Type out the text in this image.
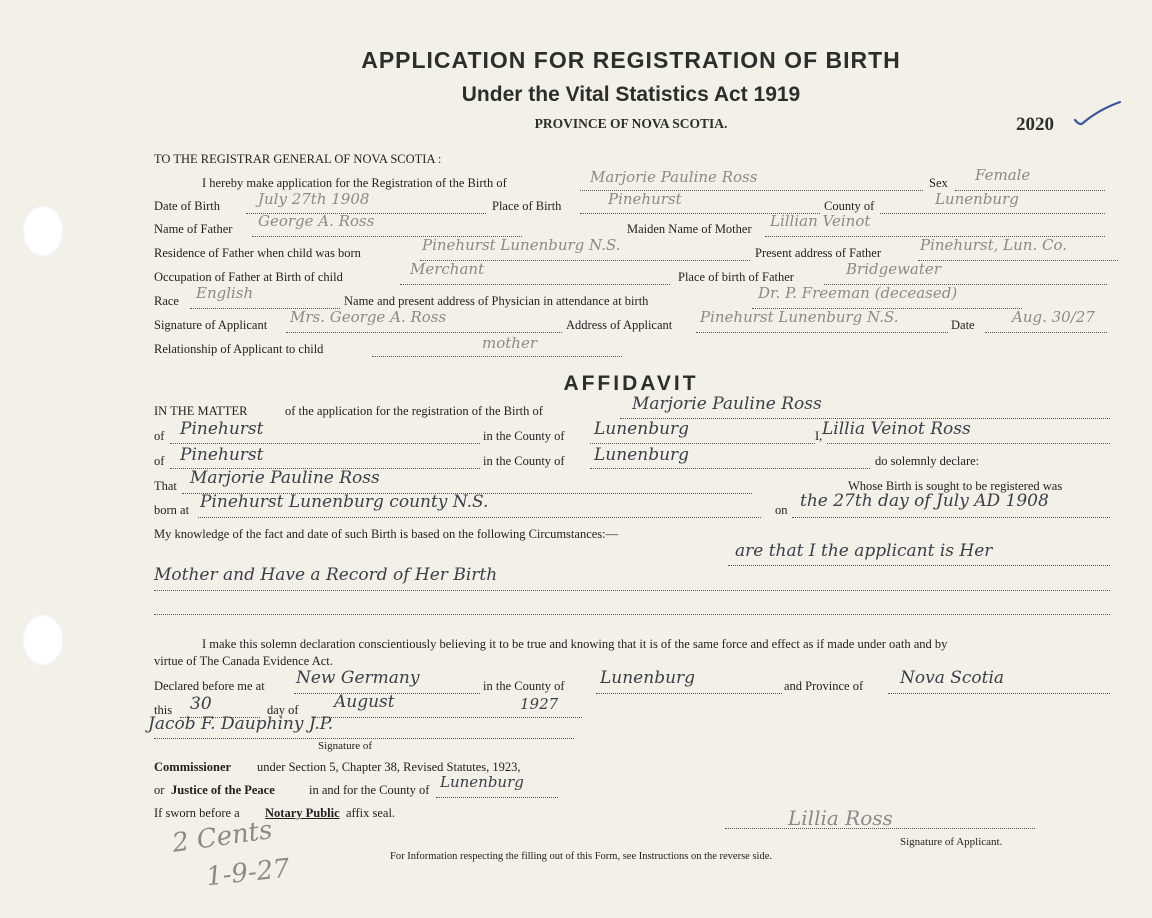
APPLICATION FOR REGISTRATION OF BIRTH
Under the Vital Statistics Act 1919
PROVINCE OF NOVA SCOTIA.	2020
TO THE REGISTRAR GENERAL OF NOVA SCOTIA :
I hereby make application for the Registration of the Birth of	Marjorie Pauline Ross	Sex Female
Date of Birth	July 27th 1908	Place of Birth	Pinehurst	County of	Lunenburg
Name of Father George A. Ross	Maiden Name of Mother Lillian Veinot
Residence of Father when child was born	Pinehurst Lunenburg N.S.	Present address of Father	Pinehurst, Lun. Co.
Occupation of Father at Birth of child	Merchant	Place of birth of Father	Bridgewater
Race English	Name and present address of Physician in attendance at birth	Dr. P. Freeman (deceased)
Signature of Applicant Mrs. George A. Ross	Address of Applicant Pinehurst Lunenburg N.S.	Date Aug. 30/27
Relationship of Applicant to child	mother
AFFIDAVIT
IN THE MATTER	of the application for the registration of the Birth of	Marjorie Pauline Ross
of Pinehurst	in the County of Lunenburg	I, Lillia Veinot Ross
of Pinehurst	in the County of Lunenburg	do solemnly declare:
That Marjorie Pauline Ross	Whose Birth is sought to be registered was
born at Pinehurst Lunenburg county N.S.	on the 27th day of July AD 1908
My knowledge of the fact and date of such Birth is based on the following Circumstances:—
are that I the applicant is Her
Mother and Have a Record of Her Birth
I make this solemn declaration conscientiously believing it to be true and knowing that it is of the same force and effect as if made under oath and by
virtue of The Canada Evidence Act.
Declared before me at New Germany	in the County of Lunenburg	and Province of Nova Scotia
this 30	day of August	1927
Jacob F. Dauphiny J.P.
Signature of
Commissioner under Section 5, Chapter 38, Revised Statutes, 1923,
or Justice of the Peace	in and for the County of Lunenburg
If sworn before a Notary Public affix seal.	Lillia Ross
Signature of Applicant.
2 Cents
1-9-27	For Information respecting the filling out of this Form, see Instructions on the reverse side.
